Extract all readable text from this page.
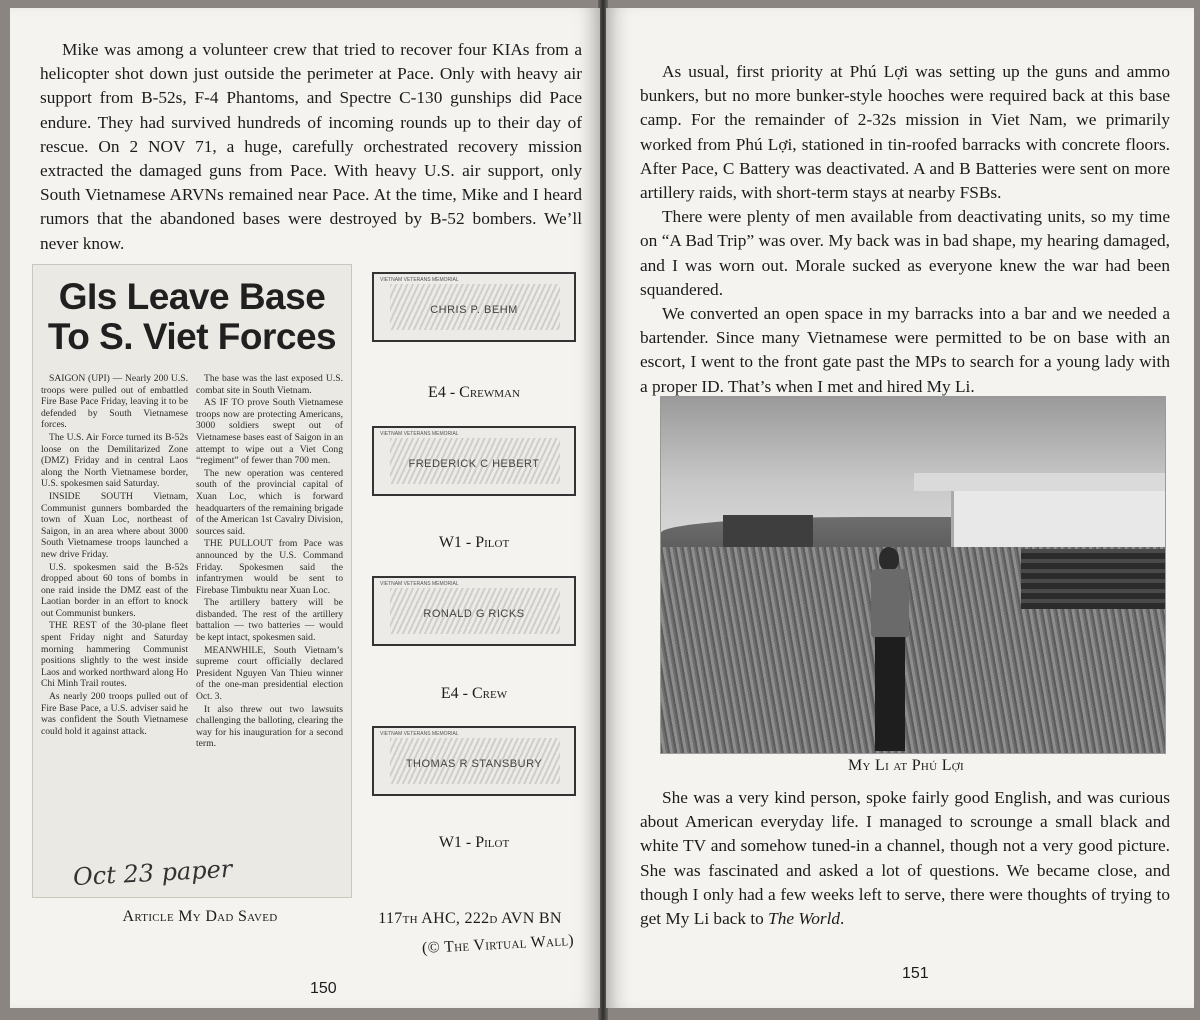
Mike was among a volunteer crew that tried to recover four KIAs from a helicopter shot down just outside the perimeter at Pace. Only with heavy air support from B-52s, F-4 Phantoms, and Spectre C-130 gunships did Pace endure. They had survived hundreds of incoming rounds up to their day of rescue. On 2 NOV 71, a huge, carefully orchestrated recovery mission extracted the damaged guns from Pace. With heavy U.S. air support, only South Vietnamese ARVNs remained near Pace. At the time, Mike and I heard rumors that the abandoned bases were destroyed by B-52 bombers. We’ll never know.

GIs Leave Base
To S. Viet Forces

SAIGON (UPI) — Nearly 200 U.S. troops were pulled out of embattled Fire Base Pace Friday, leaving it to be defended by South Vietnamese forces.

The U.S. Air Force turned its B-52s loose on the Demilitarized Zone (DMZ) Friday and in central Laos along the North Vietnamese border, U.S. spokesmen said Saturday.

INSIDE SOUTH Vietnam, Communist gunners bombarded the town of Xuan Loc, northeast of Saigon, in an area where about 3000 South Vietnamese troops launched a new drive Friday.

U.S. spokesmen said the B-52s dropped about 60 tons of bombs in one raid inside the DMZ east of the Laotian border in an effort to knock out Communist bunkers.

THE REST of the 30-plane fleet spent Friday night and Saturday morning hammering Communist positions slightly to the west inside Laos and worked northward along Ho Chi Minh Trail routes.

As nearly 200 troops pulled out of Fire Base Pace, a U.S. adviser said he was confident the South Vietnamese could hold it against attack.

The base was the last exposed U.S. combat site in South Vietnam.

AS IF TO prove South Vietnamese troops now are protecting Americans, 3000 soldiers swept out of Vietnamese bases east of Saigon in an attempt to wipe out a Viet Cong “regiment” of fewer than 700 men.

The new operation was centered south of the provincial capital of Xuan Loc, which is forward headquarters of the remaining brigade of the American 1st Cavalry Division, sources said.

THE PULLOUT from Pace was announced by the U.S. Command Friday. Spokesmen said the infantrymen would be sent to Firebase Timbuktu near Xuan Loc.

The artillery battery will be disbanded. The rest of the artillery battalion — two batteries — would be kept intact, spokesmen said.

MEANWHILE, South Vietnam’s supreme court officially declared President Nguyen Van Thieu winner of the one-man presidential election Oct. 3.

It also threw out two lawsuits challenging the balloting, clearing the way for his inauguration for a second term.

Oct 23 paper
VIETNAM VETERANS MEMORIAL
CHRIS P. BEHM
E4 - Crewman
VIETNAM VETERANS MEMORIAL
FREDERICK C HEBERT
W1 - Pilot
VIETNAM VETERANS MEMORIAL
RONALD G RICKS
E4 - Crew
VIETNAM VETERANS MEMORIAL
THOMAS R STANSBURY
W1 - Pilot
Article My Dad Saved	117th AHC, 222d AVN BN
(© The Virtual Wall)
150

As usual, first priority at Phú Lợi was setting up the guns and ammo bunkers, but no more bunker-style hooches were required back at this base camp. For the remainder of 2-32s mission in Viet Nam, we primarily worked from Phú Lợi, stationed in tin-roofed barracks with concrete floors. After Pace, C Battery was deactivated. A and B Batteries were sent on more artillery raids, with short-term stays at nearby FSBs.

There were plenty of men available from deactivating units, so my time on “A Bad Trip” was over. My back was in bad shape, my hearing damaged, and I was worn out. Morale sucked as everyone knew the war had been squandered.

We converted an open space in my barracks into a bar and we needed a bartender. Since many Vietnamese were permitted to be on base with an escort, I went to the front gate past the MPs to search for a young lady with a proper ID. That’s when I met and hired My Li.

My Li at Phú Lợi

She was a very kind person, spoke fairly good English, and was curious about American everyday life. I managed to scrounge a small black and white TV and somehow tuned-in a channel, though not a very good picture. She was fascinated and asked a lot of questions. We became close, and though I only had a few weeks left to serve, there were thoughts of trying to get My Li back to The World.

151
